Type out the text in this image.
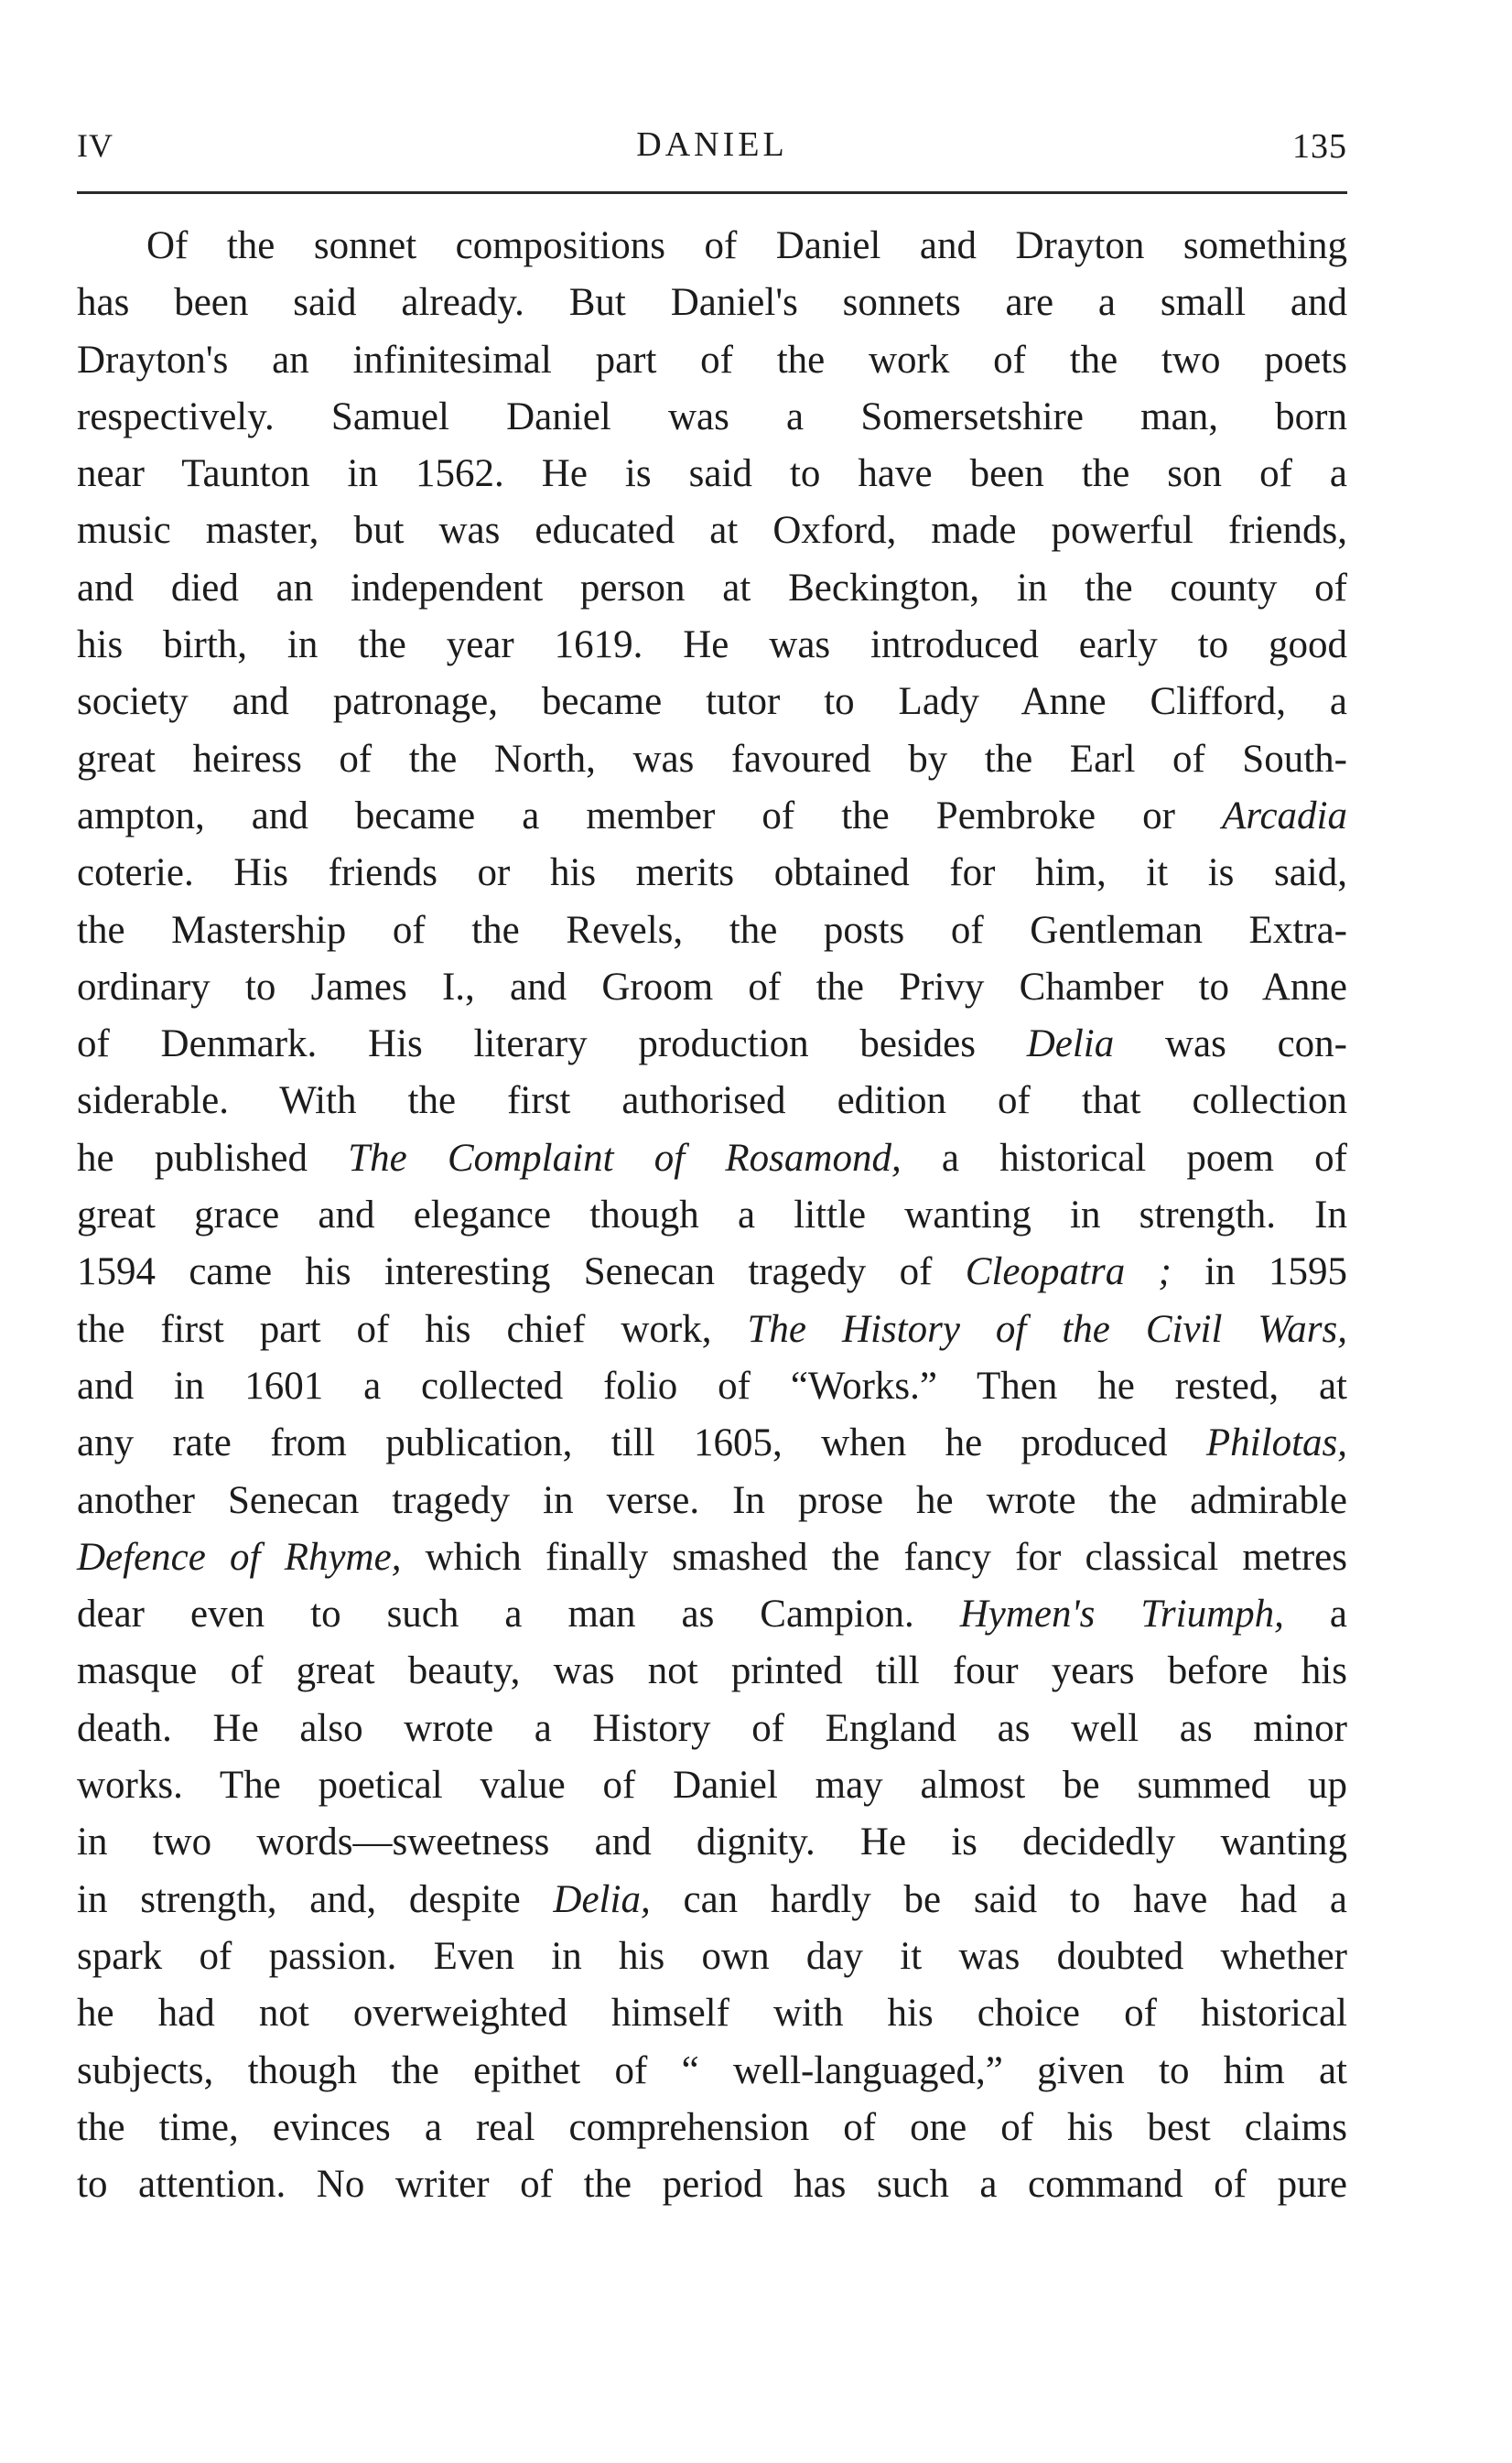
IV	DANIEL	135
Of the sonnet compositions of Daniel and Drayton something
has been said already. But Daniel's sonnets are a small and
Drayton's an infinitesimal part of the work of the two poets
respectively. Samuel Daniel was a Somersetshire man, born
near Taunton in 1562. He is said to have been the son of a
music master, but was educated at Oxford, made powerful friends,
and died an independent person at Beckington, in the county of
his birth, in the year 1619. He was introduced early to good
society and patronage, became tutor to Lady Anne Clifford, a
great heiress of the North, was favoured by the Earl of South-
ampton, and became a member of the Pembroke or Arcadia
coterie. His friends or his merits obtained for him, it is said,
the Mastership of the Revels, the posts of Gentleman Extra-
ordinary to James I., and Groom of the Privy Chamber to Anne
of Denmark. His literary production besides Delia was con-
siderable. With the first authorised edition of that collection
he published The Complaint of Rosamond, a historical poem of
great grace and elegance though a little wanting in strength. In
1594 came his interesting Senecan tragedy of Cleopatra ; in 1595
the first part of his chief work, The History of the Civil Wars,
and in 1601 a collected folio of “Works.” Then he rested, at
any rate from publication, till 1605, when he produced Philotas,
another Senecan tragedy in verse. In prose he wrote the admirable
Defence of Rhyme, which finally smashed the fancy for classical metres
dear even to such a man as Campion. Hymen's Triumph, a
masque of great beauty, was not printed till four years before his
death. He also wrote a History of England as well as minor
works. The poetical value of Daniel may almost be summed up
in two words—sweetness and dignity. He is decidedly wanting
in strength, and, despite Delia, can hardly be said to have had a
spark of passion. Even in his own day it was doubted whether
he had not overweighted himself with his choice of historical
subjects, though the epithet of “ well-languaged,” given to him at
the time, evinces a real comprehension of one of his best claims
to attention. No writer of the period has such a command of pure
